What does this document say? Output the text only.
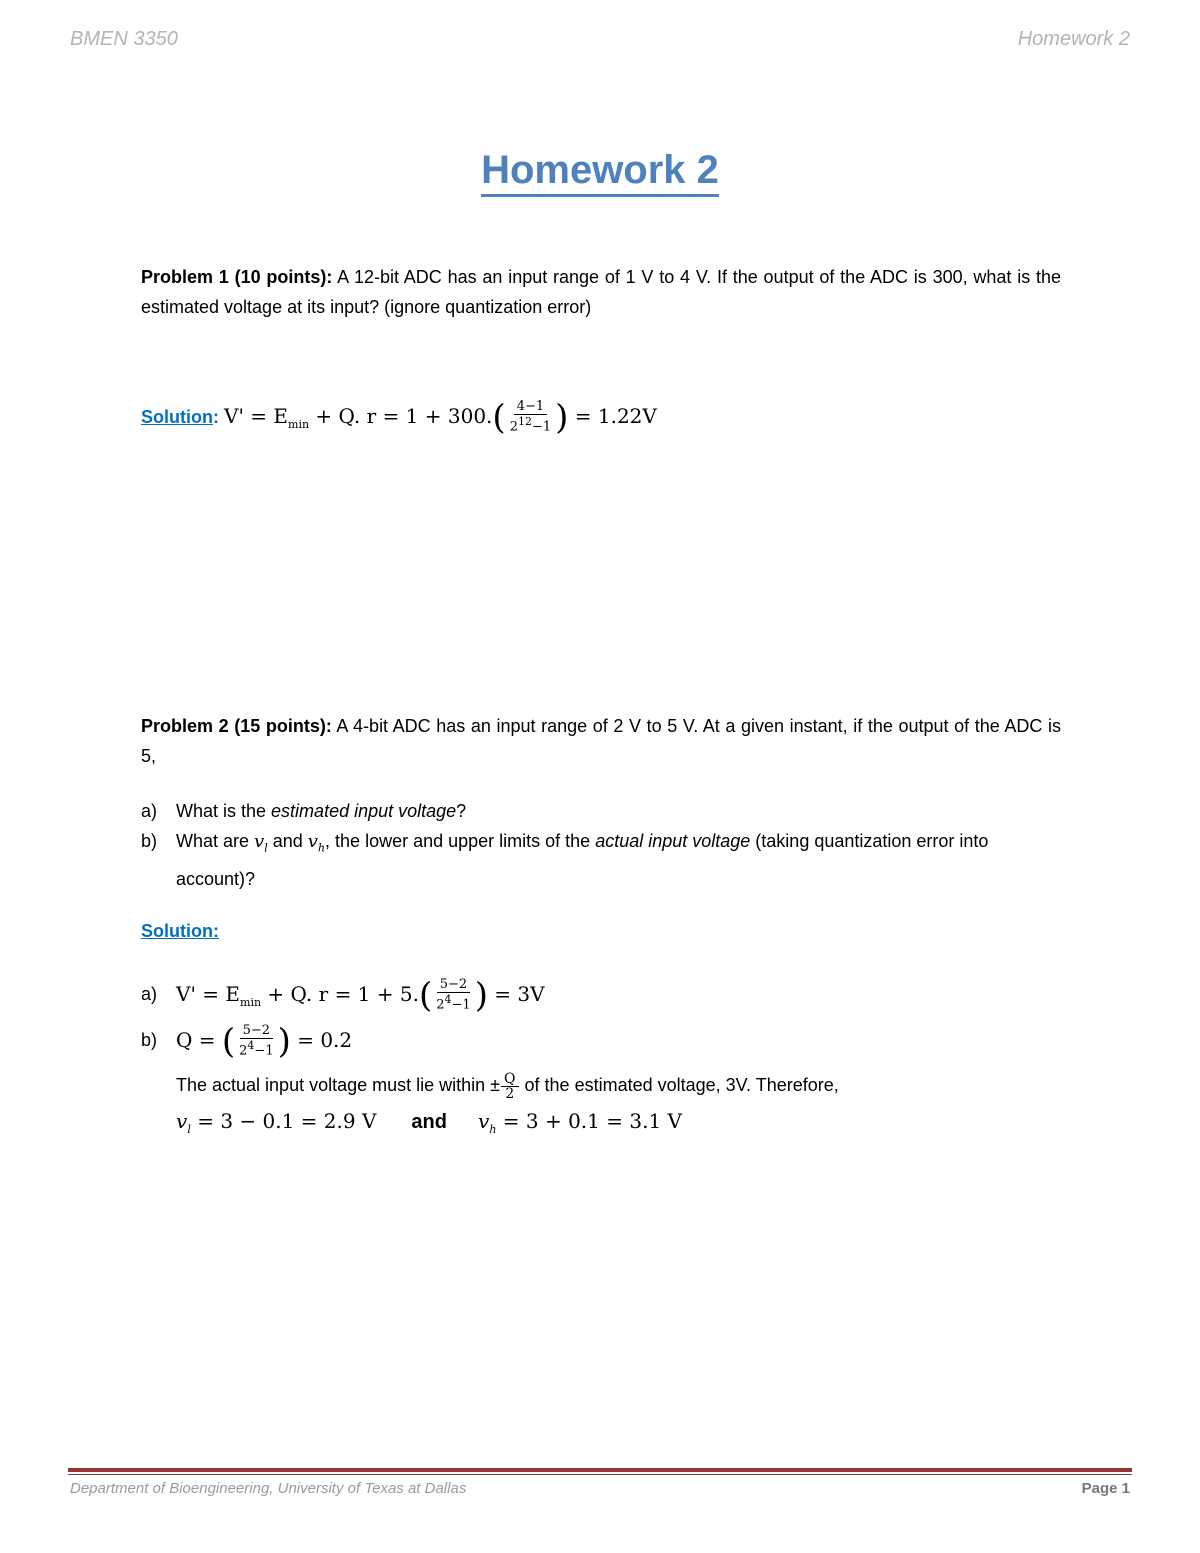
BMEN 3350	Homework 2
Homework 2
Problem 1 (10 points): A 12-bit ADC has an input range of 1 V to 4 V. If the output of the ADC is 300, what is the estimated voltage at its input? (ignore quantization error)
Solution: $V' = E_{min} + Q$. $r = 1 + 300.( \frac{4-1}{2^{12}-1}$ ) = 1.22V
Problem 2 (15 points): A 4-bit ADC has an input range of 2 V to 5 V. At a given instant, if the output of the ADC is 5,
a) What is the estimated input voltage?
b) What are $v_l$ and $v_h$, the lower and upper limits of the actual input voltage (taking quantization error into account)?
Solution:
a) $V' = E_{min} + Q$. $r = 1 + 5.( \frac{5-2}{2^4-1}$ ) = 3V
b) Q = ( $\frac{5-2}{2^4-1}$ ) = 0.2
The actual input voltage must lie within ± $\frac{Q}{2}$ of the estimated voltage, 3V. Therefore,
$v_l = 3 - 0.1 = 2.9$ V and $v_h = 3 + 0.1 = 3.1$ V
Department of Bioengineering, University of Texas at Dallas	Page 1
